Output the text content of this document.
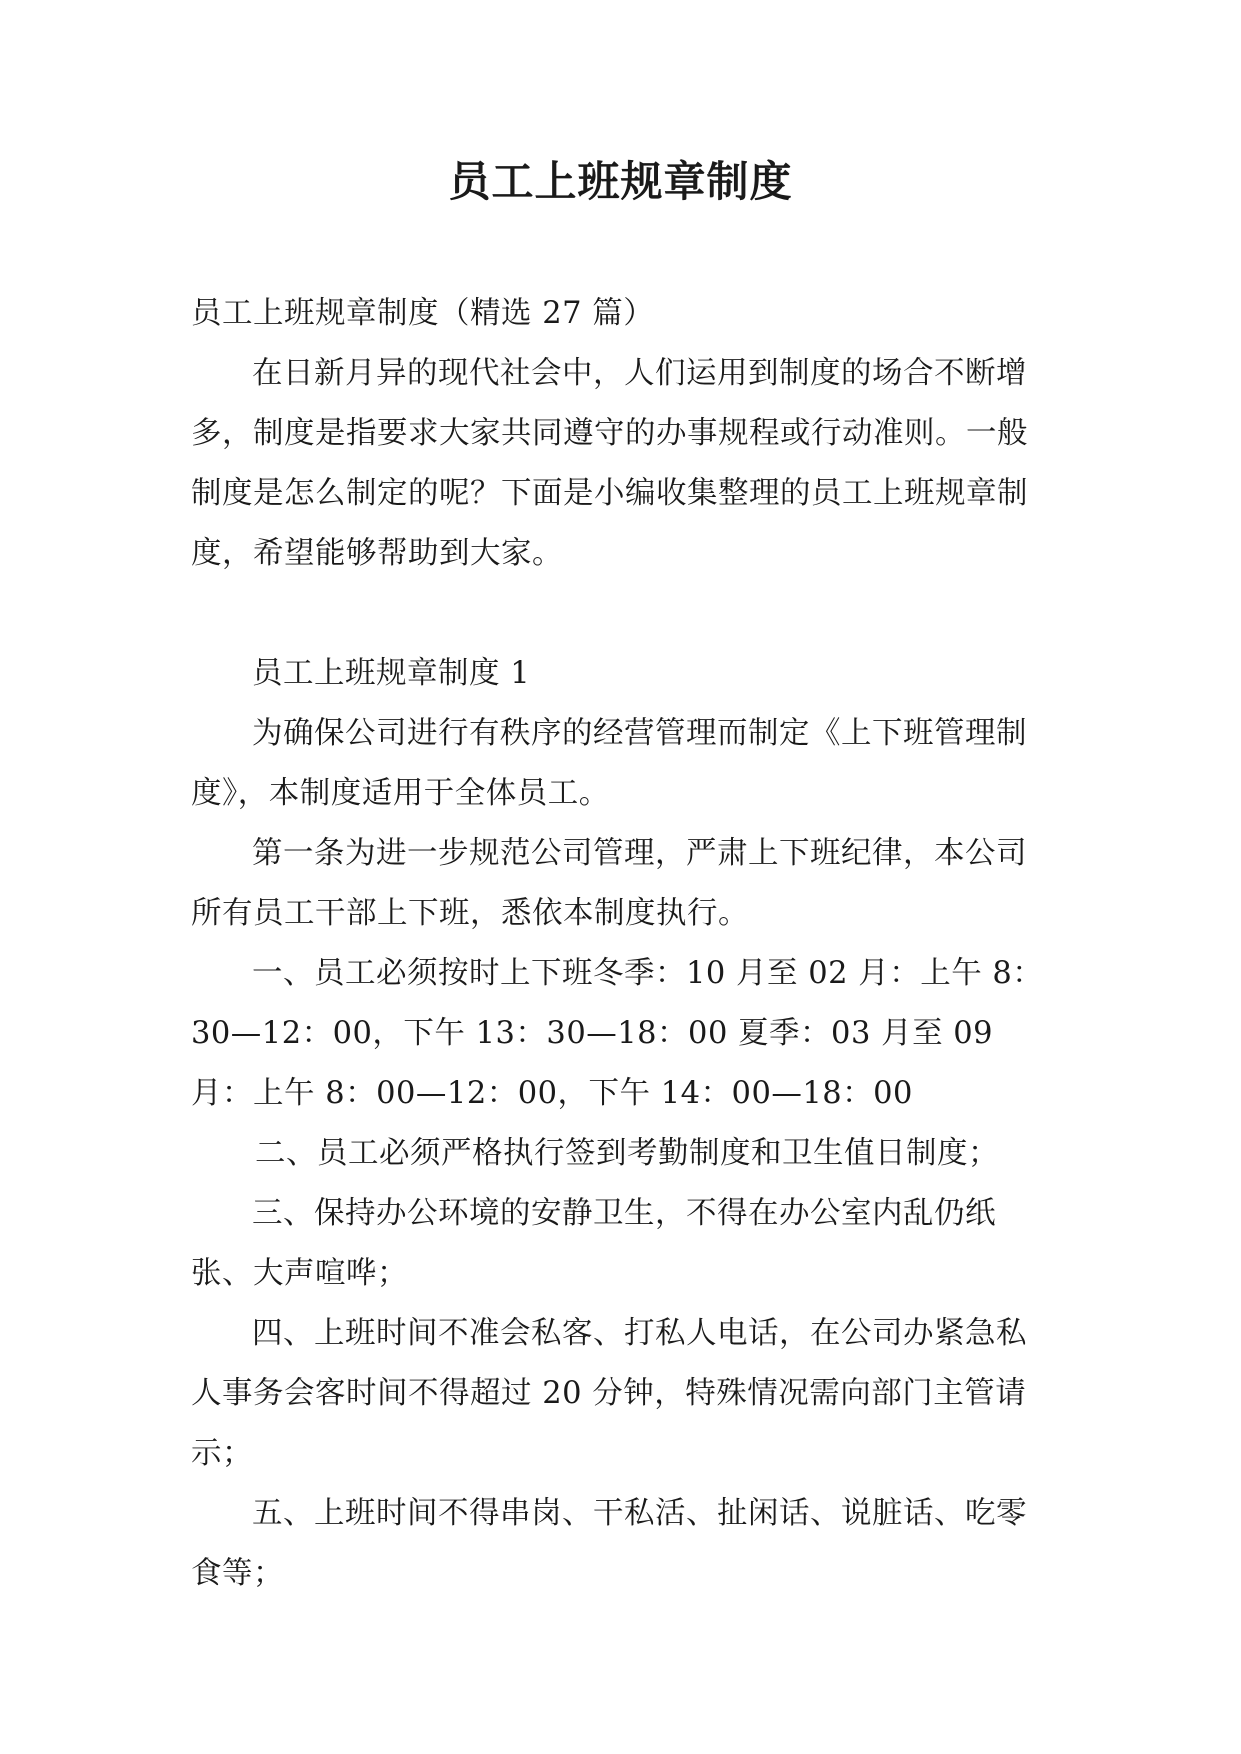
员工上班规章制度
员工上班规章制度（精选 27 篇）

在日新月异的现代社会中，人们运用到制度的场合不断增多，制度是指要求大家共同遵守的办事规程或行动准则。一般制度是怎么制定的呢？下面是小编收集整理的员工上班规章制度，希望能够帮助到大家。

员工上班规章制度 1

为确保公司进行有秩序的经营管理而制定《上下班管理制度》，本制度适用于全体员工。

第一条为进一步规范公司管理，严肃上下班纪律，本公司所有员工干部上下班，悉依本制度执行。

一、员工必须按时上下班冬季：10 月至 02 月：上午 8：30—12：00，下午 13：30—18：00 夏季：03 月至 09 月：上午 8：00—12：00，下午 14：00—18：00

二、员工必须严格执行签到考勤制度和卫生值日制度；

三、保持办公环境的安静卫生，不得在办公室内乱仍纸张、大声喧哗；

四、上班时间不准会私客、打私人电话，在公司办紧急私人事务会客时间不得超过 20 分钟，特殊情况需向部门主管请示；

五、上班时间不得串岗、干私活、扯闲话、说脏话、吃零食等；
